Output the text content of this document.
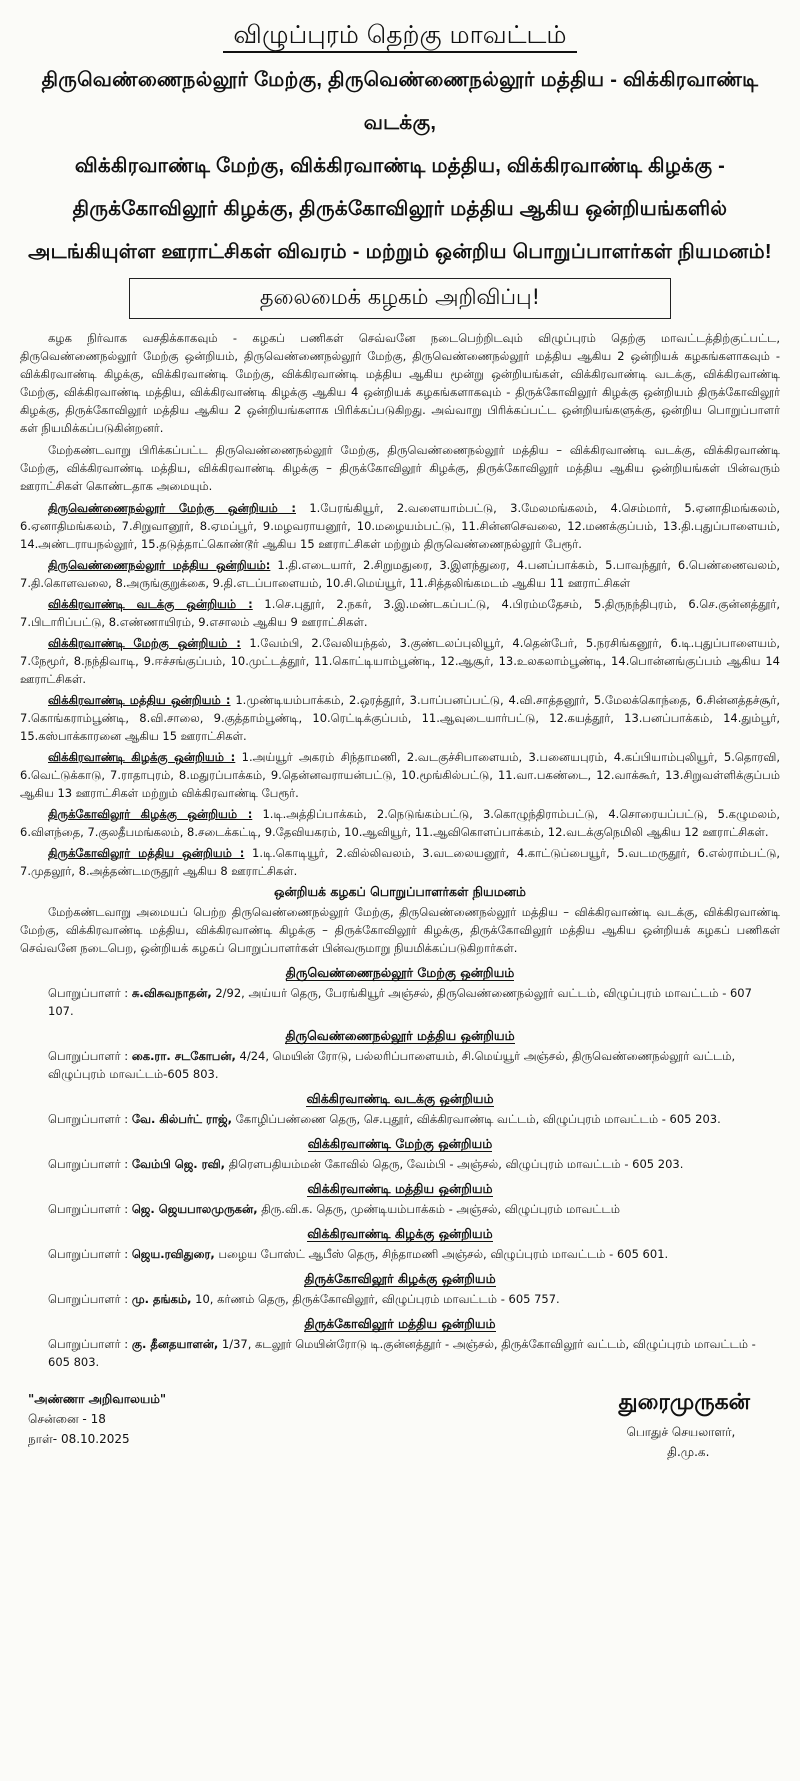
விழுப்புரம் தெற்கு மாவட்டம்
திருவெண்ணைநல்லூர் மேற்கு, திருவெண்ணைநல்லூர் மத்திய - விக்கிரவாண்டி வடக்கு,
விக்கிரவாண்டி மேற்கு, விக்கிரவாண்டி மத்திய, விக்கிரவாண்டி கிழக்கு -
திருக்கோவிலூர் கிழக்கு, திருக்கோவிலூர் மத்திய ஆகிய ஒன்றியங்களில்
அடங்கியுள்ள ஊராட்சிகள் விவரம் - மற்றும் ஒன்றிய பொறுப்பாளர்கள் நியமனம்!
தலைமைக் கழகம் அறிவிப்பு!

கழக நிர்வாக வசதிக்காகவும் - கழகப் பணிகள் செவ்வனே நடைபெற்றிடவும் விழுப்புரம் தெற்கு மாவட்டத்திற்குட்பட்ட, திருவெண்ணைநல்லூர் மேற்கு ஒன்றியம், திருவெண்ணைநல்லூர் மேற்கு, திருவெண்ணைநல்லூர் மத்திய ஆகிய 2 ஒன்றியக் கழகங்களாகவும் - விக்கிரவாண்டி கிழக்கு, விக்கிரவாண்டி மேற்கு, விக்கிரவாண்டி மத்திய ஆகிய மூன்று ஒன்றியங்கள், விக்கிரவாண்டி வடக்கு, விக்கிரவாண்டி மேற்கு, விக்கிரவாண்டி மத்திய, விக்கிரவாண்டி கிழக்கு ஆகிய 4 ஒன்றியக் கழகங்களாகவும் - திருக்கோவிலூர் கிழக்கு ஒன்றியம் திருக்கோவிலூர் கிழக்கு, திருக்கோவிலூர் மத்திய ஆகிய 2 ஒன்றியங்களாக பிரிக்கப்படுகிறது. அவ்வாறு பிரிக்கப்பட்ட ஒன்றியங்களுக்கு, ஒன்றிய பொறுப்பாளர் கள் நியமிக்கப்படுகின்றனர்.

மேற்கண்டவாறு பிரிக்கப்பட்ட திருவெண்ணைநல்லூர் மேற்கு, திருவெண்ணைநல்லூர் மத்திய – விக்கிரவாண்டி வடக்கு, விக்கிரவாண்டி மேற்கு, விக்கிரவாண்டி மத்திய, விக்கிரவாண்டி கிழக்கு – திருக்கோவிலூர் கிழக்கு, திருக்கோவிலூர் மத்திய ஆகிய ஒன்றியங்கள் பின்வரும் ஊராட்சிகள் கொண்டதாக அமையும்.

திருவெண்ணைநல்லூர் மேற்கு ஒன்றியம் : 1.பேரங்கியூர், 2.வளையாம்பட்டு, 3.மேலமங்கலம், 4.செம்மார், 5.ஏனாதிமங்கலம், 6.ஏனாதிமங்கலம், 7.சிறுவானூர், 8.ஏமப்பூர், 9.மழவராயனூர், 10.மழையம்பட்டு, 11.சின்னசெவலை, 12.மணக்குப்பம், 13.தி.புதுப்பாளையம், 14.அண்டராயநல்லூர், 15.தடுத்தாட்கொண்டூர் ஆகிய 15 ஊராட்சிகள் மற்றும் திருவெண்ணைநல்லூர் பேரூர்.

திருவெண்ணைநல்லூர் மத்திய ஒன்றியம்: 1.தி.எடையார், 2.சிறுமதுரை, 3.இளந்துரை, 4.பனப்பாக்கம், 5.பாவந்தூர், 6.பெண்ணைவலம், 7.தி.கொளவலை, 8.அருங்குறுக்கை, 9.தி.எடப்பாளையம், 10.சி.மெய்யூர், 11.சித்தலிங்கமடம் ஆகிய 11 ஊராட்சிகள்

விக்கிரவாண்டி வடக்கு ஒன்றியம் : 1.செ.புதூர், 2.நகர், 3.இ.மண்டகப்பட்டு, 4.பிரம்மதேசம், 5.திருநந்திபுரம், 6.செ.குன்னத்தூர், 7.பிடாரிப்பட்டு, 8.எண்ணாயிரம், 9.எசாலம் ஆகிய 9 ஊராட்சிகள்.

விக்கிரவாண்டி மேற்கு ஒன்றியம் : 1.வேம்பி, 2.வேலியந்தல், 3.குண்டலப்புலியூர், 4.தென்பேர், 5.நரசிங்கனூர், 6.டி.புதுப்பாளையம், 7.நேமூர், 8.நந்திவாடி, 9.ஈச்சங்குப்பம், 10.முட்டத்தூர், 11.கொட்டியாம்பூண்டி, 12.ஆசூர், 13.உலகலாம்பூண்டி, 14.பொன்னங்குப்பம் ஆகிய 14 ஊராட்சிகள்.

விக்கிரவாண்டி மத்திய ஒன்றியம் : 1.முண்டியம்பாக்கம், 2.ஒரத்தூர், 3.பாப்பனப்பட்டு, 4.வி.சாத்தனூர், 5.மேலக்கொந்தை, 6.சின்னத்தச்சூர், 7.கொங்கராம்பூண்டி, 8.வி.சாலை, 9.குத்தாம்பூண்டி, 10.ரெட்டிக்குப்பம், 11.ஆவுடையார்பட்டு, 12.கயத்தூர், 13.பனப்பாக்கம், 14.தும்பூர், 15.கஸ்பாக்காரனை ஆகிய 15 ஊராட்சிகள்.

விக்கிரவாண்டி கிழக்கு ஒன்றியம் : 1.அய்யூர் அகரம் சிந்தாமணி, 2.வடகுச்சிபாளையம், 3.பனையபுரம், 4.கப்பியாம்புலியூர், 5.தொரவி, 6.வெட்டுக்காடு, 7.ராதாபுரம், 8.மதுரப்பாக்கம், 9.தென்னவராயன்பட்டு, 10.மூங்கில்பட்டு, 11.வா.பகண்டை, 12.வாக்கூர், 13.சிறுவள்ளிக்குப்பம் ஆகிய 13 ஊராட்சிகள் மற்றும் விக்கிரவாண்டி பேரூர்.

திருக்கோவிலூர் கிழக்கு ஒன்றியம் : 1.டி.அத்திப்பாக்கம், 2.நெடுங்கம்பட்டு, 3.கொழுந்திராம்பட்டு, 4.சொரையப்பட்டு, 5.கழுமலம், 6.விளந்தை, 7.குலதீபமங்கலம், 8.சடைக்கட்டி, 9.தேவியகரம், 10.ஆவியூர், 11.ஆவிகொளப்பாக்கம், 12.வடக்குநெமிலி ஆகிய 12 ஊராட்சிகள்.

திருக்கோவிலூர் மத்திய ஒன்றியம் : 1.டி.கொடியூர், 2.வில்லிவலம், 3.வடலையனூர், 4.காட்டுப்பையூர், 5.வடமருதூர், 6.எல்ராம்பட்டு, 7.முதலூர், 8.அத்தண்டமருதூர் ஆகிய 8 ஊராட்சிகள்.

ஒன்றியக் கழகப் பொறுப்பாளர்கள் நியமனம்

மேற்கண்டவாறு அமையப் பெற்ற திருவெண்ணைநல்லூர் மேற்கு, திருவெண்ணைநல்லூர் மத்திய – விக்கிரவாண்டி வடக்கு, விக்கிரவாண்டி மேற்கு, விக்கிரவாண்டி மத்திய, விக்கிரவாண்டி கிழக்கு – திருக்கோவிலூர் கிழக்கு, திருக்கோவிலூர் மத்திய ஆகிய ஒன்றியக் கழகப் பணிகள் செவ்வனே நடைபெற, ஒன்றியக் கழகப் பொறுப்பாளர்கள் பின்வருமாறு நியமிக்கப்படுகிறார்கள்.

திருவெண்ணைநல்லூர் மேற்கு ஒன்றியம்

பொறுப்பாளர் : சு.விசுவநாதன், 2/92, அய்யர் தெரு, பேரங்கியூர் அஞ்சல், திருவெண்ணைநல்லூர் வட்டம், விழுப்புரம் மாவட்டம் - 607 107.

திருவெண்ணைநல்லூர் மத்திய ஒன்றியம்

பொறுப்பாளர் : கை.ரா. சடகோபன், 4/24, மெயின் ரோடு, பல்லரிப்பாளையம், சி.மெய்யூர் அஞ்சல், திருவெண்ணைநல்லூர் வட்டம், விழுப்புரம் மாவட்டம்-605 803.

விக்கிரவாண்டி வடக்கு ஒன்றியம்

பொறுப்பாளர் : வே. கில்பர்ட் ராஜ், கோழிப்பண்ணை தெரு, செ.புதூர், விக்கிரவாண்டி வட்டம், விழுப்புரம் மாவட்டம் - 605 203.

விக்கிரவாண்டி மேற்கு ஒன்றியம்

பொறுப்பாளர் : வேம்பி ஜெ. ரவி, திரௌபதியம்மன் கோவில் தெரு, வேம்பி - அஞ்சல், விழுப்புரம் மாவட்டம் - 605 203.

விக்கிரவாண்டி மத்திய ஒன்றியம்

பொறுப்பாளர் : ஜெ. ஜெயபாலமுருகன், திரு.வி.க. தெரு, முண்டியம்பாக்கம் - அஞ்சல், விழுப்புரம் மாவட்டம்

விக்கிரவாண்டி கிழக்கு ஒன்றியம்

பொறுப்பாளர் : ஜெய.ரவிதுரை, பழைய போஸ்ட் ஆபீஸ் தெரு, சிந்தாமணி அஞ்சல், விழுப்புரம் மாவட்டம் - 605 601.

திருக்கோவிலூர் கிழக்கு ஒன்றியம்

பொறுப்பாளர் : மு. தங்கம், 10, கர்ணம் தெரு, திருக்கோவிலூர், விழுப்புரம் மாவட்டம் - 605 757.

திருக்கோவிலூர் மத்திய ஒன்றியம்

பொறுப்பாளர் : கு. தீனதயாளன், 1/37, கடலூர் மெயின்ரோடு டி.குன்னத்தூர் - அஞ்சல், திருக்கோவிலூர் வட்டம், விழுப்புரம் மாவட்டம் - 605 803.

"அண்ணா அறிவாலயம்"
சென்னை - 18
நாள்- 08.10.2025
துரைமுருகன்
பொதுச் செயலாளர்,
தி.மு.க.
